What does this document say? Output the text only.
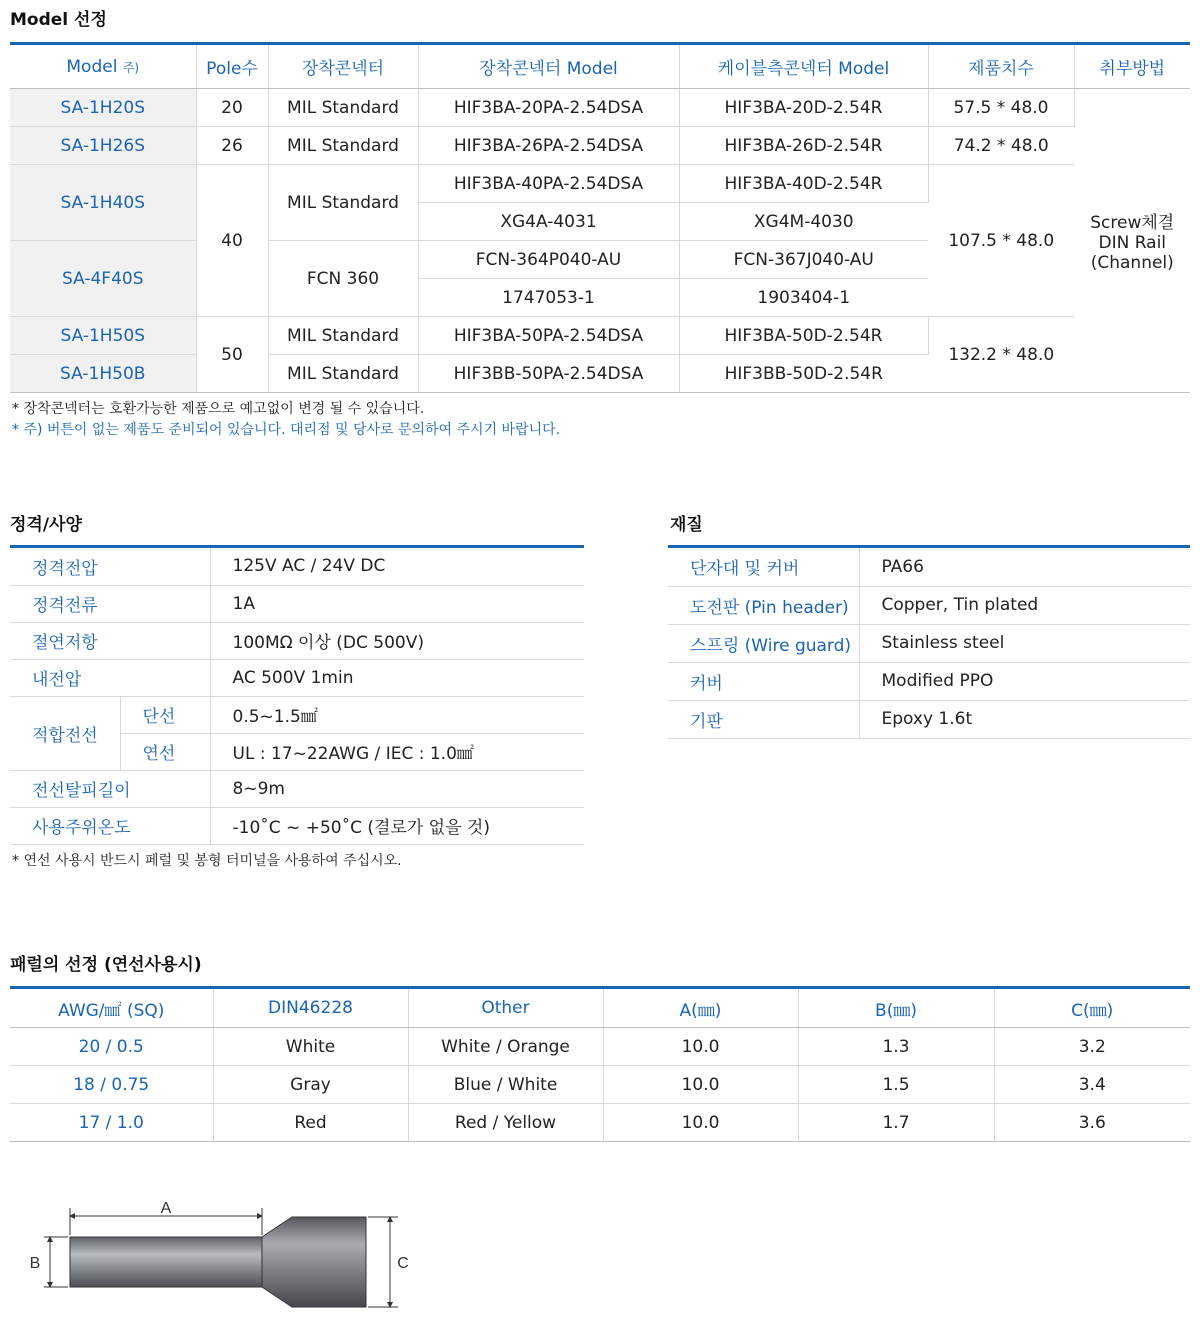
Model 선정
Model 주)	Pole수	장착콘넥터	장착콘넥터 Model	케이블측콘넥터 Model	제품치수	취부방법
SA-1H20S	20	MIL Standard	HIF3BA-20PA-2.54DSA	HIF3BA-20D-2.54R	57.5 * 48.0	Screw체결
DIN Rail
(Channel)

SA-1H26S	26	MIL Standard	HIF3BA-26PA-2.54DSA	HIF3BA-26D-2.54R	74.2 * 48.0	
SA-1H40S	40	MIL Standard	HIF3BA-40PA-2.54DSA	HIF3BA-40D-2.54R	107.5 * 48.0	
			XG4A-4031	XG4M-4030		
SA-4F40S		FCN 360	FCN-364P040-AU	FCN-367J040-AU		
			1747053-1	1903404-1		
SA-1H50S	50	MIL Standard	HIF3BA-50PA-2.54DSA	HIF3BA-50D-2.54R	132.2 * 48.0	
SA-1H50B		MIL Standard	HIF3BB-50PA-2.54DSA	HIF3BB-50D-2.54R		
* 장착콘넥터는 호환가능한 제품으로 예고없이 변경 될 수 있습니다.
* 주) 버튼이 없는 제품도 준비되어 있습니다. 대리점 및 당사로 문의하여 주시기 바랍니다.
정격/사양
정격전압		125V AC / 24V DC
정격전류		1A
절연저항		100MΩ 이상 (DC 500V)
내전압		AC 500V 1min
적합전선	단선	0.5~1.5㎟
	연선	UL : 17~22AWG / IEC : 1.0㎟
전선탈피길이		8~9m
사용주위온도		-10˚C ~ +50˚C (결로가 없을 것)
* 연선 사용시 반드시 페럴 및 봉형 터미널을 사용하여 주십시오.
재질
단자대 및 커버	PA66
도전판 (Pin header)	Copper, Tin plated
스프링 (Wire guard)	Stainless steel
커버	Modified PPO
기판	Epoxy 1.6t
패럴의 선정 (연선사용시)
AWG/㎟ (SQ)	DIN46228	Other	A(㎜)	B(㎜)	C(㎜)
20 / 0.5	White	White / Orange	10.0	1.3	3.2
18 / 0.75	Gray	Blue / White	10.0	1.5	3.4
17 / 1.0	Red	Red / Yellow	10.0	1.7	3.6
A
B	C
